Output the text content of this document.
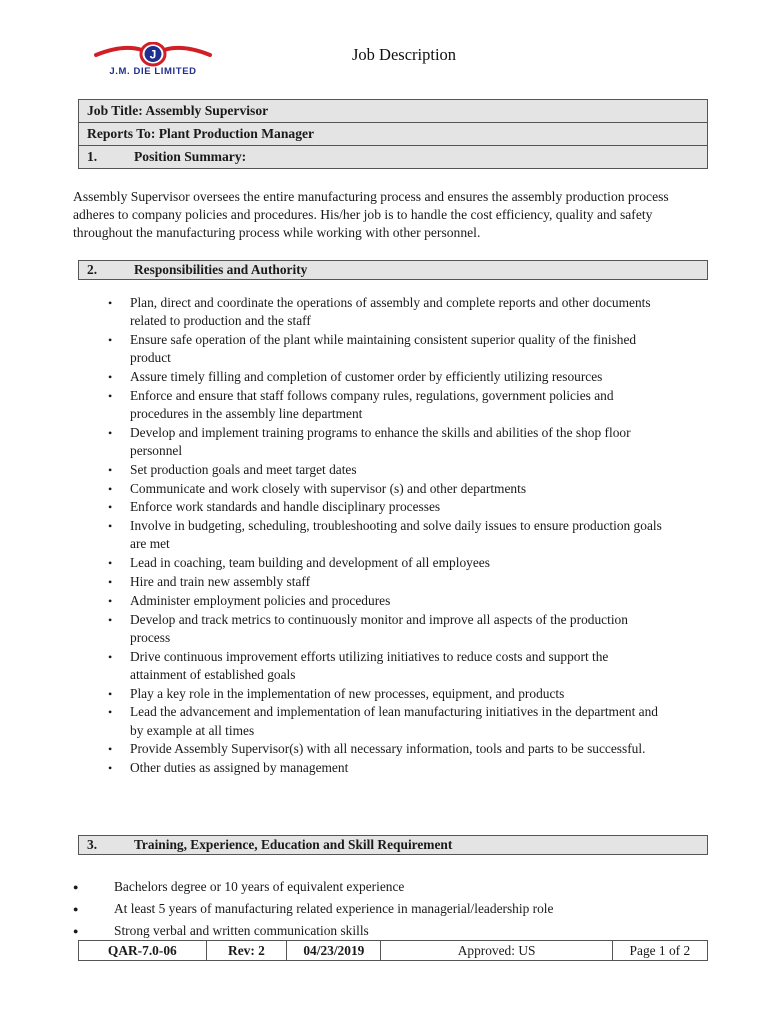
J
J.M. DIE LIMITED
Job Description
Job Title: Assembly Supervisor
Reports To: Plant Production Manager
1.	Position Summary:
Assembly Supervisor oversees the entire manufacturing process and ensures the assembly production process adheres to company policies and procedures. His/her job is to handle the cost efficiency, quality and safety throughout the manufacturing process while working with other personnel.
2.	Responsibilities and Authority
• Plan, direct and coordinate the operations of assembly and complete reports and other documents related to production and the staff
• Ensure safe operation of the plant while maintaining consistent superior quality of the finished product
• Assure timely filling and completion of customer order by efficiently utilizing resources
• Enforce and ensure that staff follows company rules, regulations, government policies and procedures in the assembly line department
• Develop and implement training programs to enhance the skills and abilities of the shop floor personnel
• Set production goals and meet target dates
• Communicate and work closely with supervisor (s) and other departments
• Enforce work standards and handle disciplinary processes
• Involve in budgeting, scheduling, troubleshooting and solve daily issues to ensure production goals are met
• Lead in coaching, team building and development of all employees
• Hire and train new assembly staff
• Administer employment policies and procedures
• Develop and track metrics to continuously monitor and improve all aspects of the production process
• Drive continuous improvement efforts utilizing initiatives to reduce costs and support the attainment of established goals
• Play a key role in the implementation of new processes, equipment, and products
• Lead the advancement and implementation of lean manufacturing initiatives in the department and by example at all times
• Provide Assembly Supervisor(s) with all necessary information, tools and parts to be successful.
• Other duties as assigned by management
3.	Training, Experience, Education and Skill Requirement
● Bachelors degree or 10 years of equivalent experience
● At least 5 years of manufacturing related experience in managerial/leadership role
● Strong verbal and written communication skills
QAR-7.0-06	Rev: 2	04/23/2019	Approved: US	Page 1 of 2
